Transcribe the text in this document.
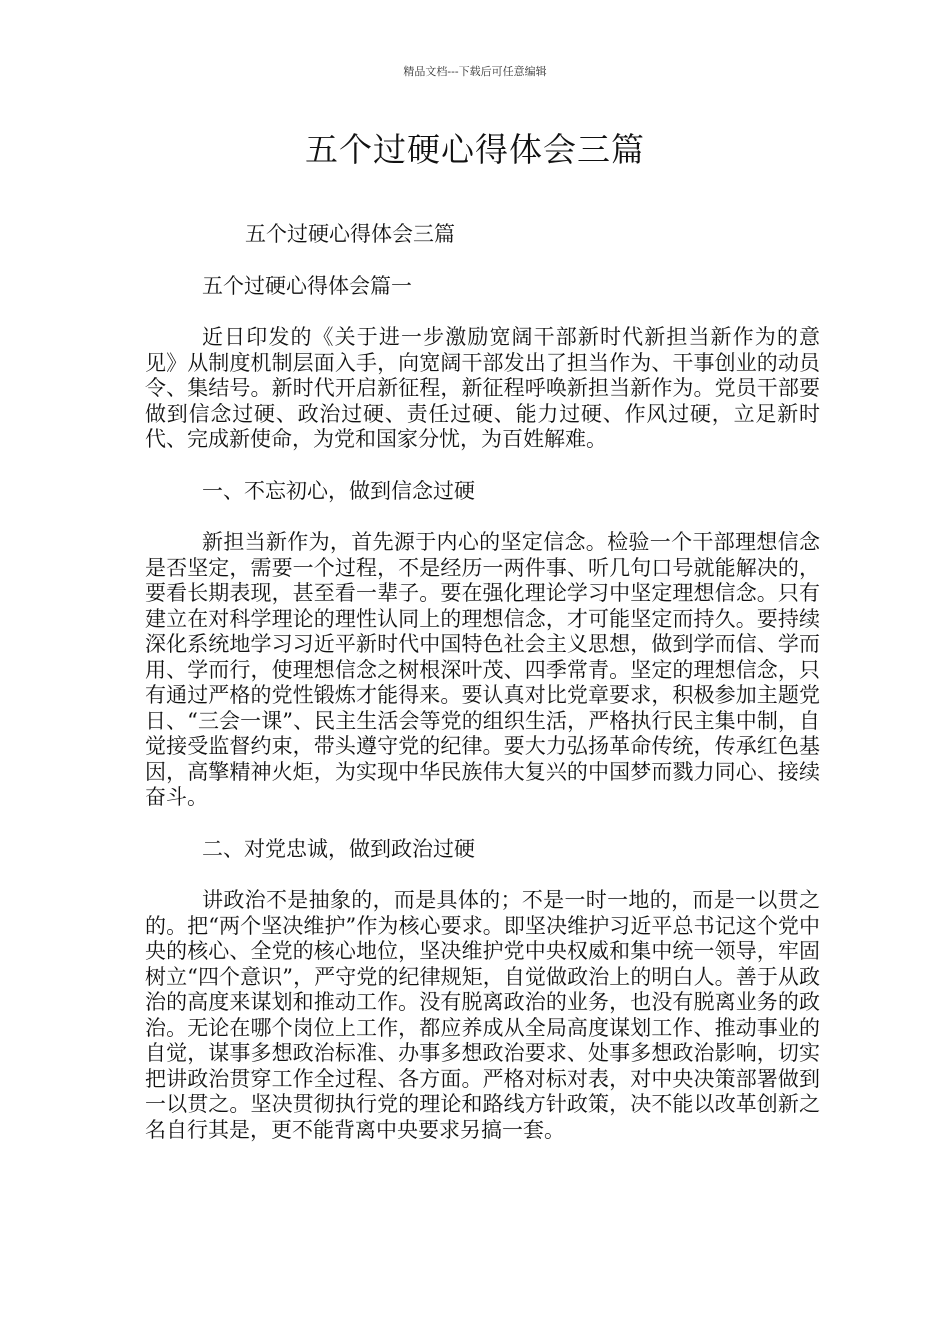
精品文档---下载后可任意编辑
五个过硬心得体会三篇

五个过硬心得体会三篇

五个过硬心得体会篇一

近日印发的《关于进一步激励宽阔干部新时代新担当新作为的意见》从制度机制层面入手，向宽阔干部发出了担当作为、干事创业的动员令、集结号。新时代开启新征程，新征程呼唤新担当新作为。党员干部要做到信念过硬、政治过硬、责任过硬、能力过硬、作风过硬，立足新时代、完成新使命，为党和国家分忧，为百姓解难。

一、不忘初心，做到信念过硬

新担当新作为，首先源于内心的坚定信念。检验一个干部理想信念是否坚定，需要一个过程，不是经历一两件事、听几句口号就能解决的，要看长期表现，甚至看一辈子。要在强化理论学习中坚定理想信念。只有建立在对科学理论的理性认同上的理想信念，才可能坚定而持久。要持续深化系统地学习习近平新时代中国特色社会主义思想，做到学而信、学而用、学而行，使理想信念之树根深叶茂、四季常青。坚定的理想信念，只有通过严格的党性锻炼才能得来。要认真对比党章要求，积极参加主题党日、“三会一课”、民主生活会等党的组织生活，严格执行民主集中制，自觉接受监督约束，带头遵守党的纪律。要大力弘扬革命传统，传承红色基因，高擎精神火炬，为实现中华民族伟大复兴的中国梦而戮力同心、接续奋斗。

二、对党忠诚，做到政治过硬

讲政治不是抽象的，而是具体的；不是一时一地的，而是一以贯之的。把“两个坚决维护”作为核心要求。即坚决维护习近平总书记这个党中央的核心、全党的核心地位，坚决维护党中央权威和集中统一领导，牢固树立“四个意识”，严守党的纪律规矩，自觉做政治上的明白人。善于从政治的高度来谋划和推动工作。没有脱离政治的业务，也没有脱离业务的政治。无论在哪个岗位上工作，都应养成从全局高度谋划工作、推动事业的自觉，谋事多想政治标准、办事多想政治要求、处事多想政治影响，切实把讲政治贯穿工作全过程、各方面。严格对标对表，对中央决策部署做到一以贯之。坚决贯彻执行党的理论和路线方针政策，决不能以改革创新之名自行其是，更不能背离中央要求另搞一套。
